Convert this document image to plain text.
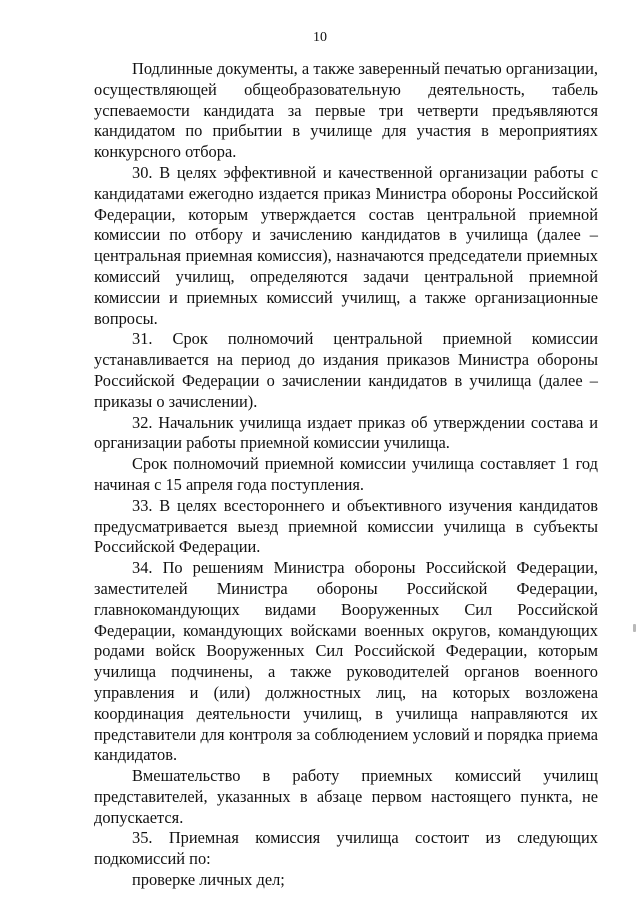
10

Подлинные документы, а также заверенный печатью организации, осуществляющей общеобразовательную деятельность, табель успеваемости кандидата за первые три четверти предъявляются кандидатом по прибытии в училище для участия в мероприятиях конкурсного отбора.

30. В целях эффективной и качественной организации работы с кандидатами ежегодно издается приказ Министра обороны Российской Федерации, которым утверждается состав центральной приемной комиссии по отбору и зачислению кандидатов в училища (далее – центральная приемная комиссия), назначаются председатели приемных комиссий училищ, определяются задачи центральной приемной комиссии и приемных комиссий училищ, а также организационные вопросы.

31. Срок полномочий центральной приемной комиссии устанавливается на период до издания приказов Министра обороны Российской Федерации о зачислении кандидатов в училища (далее – приказы о зачислении).

32. Начальник училища издает приказ об утверждении состава и организации работы приемной комиссии училища.

Срок полномочий приемной комиссии училища составляет 1 год начиная с 15 апреля года поступления.

33. В целях всестороннего и объективного изучения кандидатов предусматривается выезд приемной комиссии училища в субъекты Российской Федерации.

34. По решениям Министра обороны Российской Федерации, заместителей Министра обороны Российской Федерации, главнокомандующих видами Вооруженных Сил Российской Федерации, командующих войсками военных округов, командующих родами войск Вооруженных Сил Российской Федерации, которым училища подчинены, а также руководителей органов военного управления и (или) должностных лиц, на которых возложена координация деятельности училищ, в училища направляются их представители для контроля за соблюдением условий и порядка приема кандидатов.

Вмешательство в работу приемных комиссий училищ представителей, указанных в абзаце первом настоящего пункта, не допускается.

35. Приемная комиссия училища состоит из следующих подкомиссий по:

проверке личных дел;
